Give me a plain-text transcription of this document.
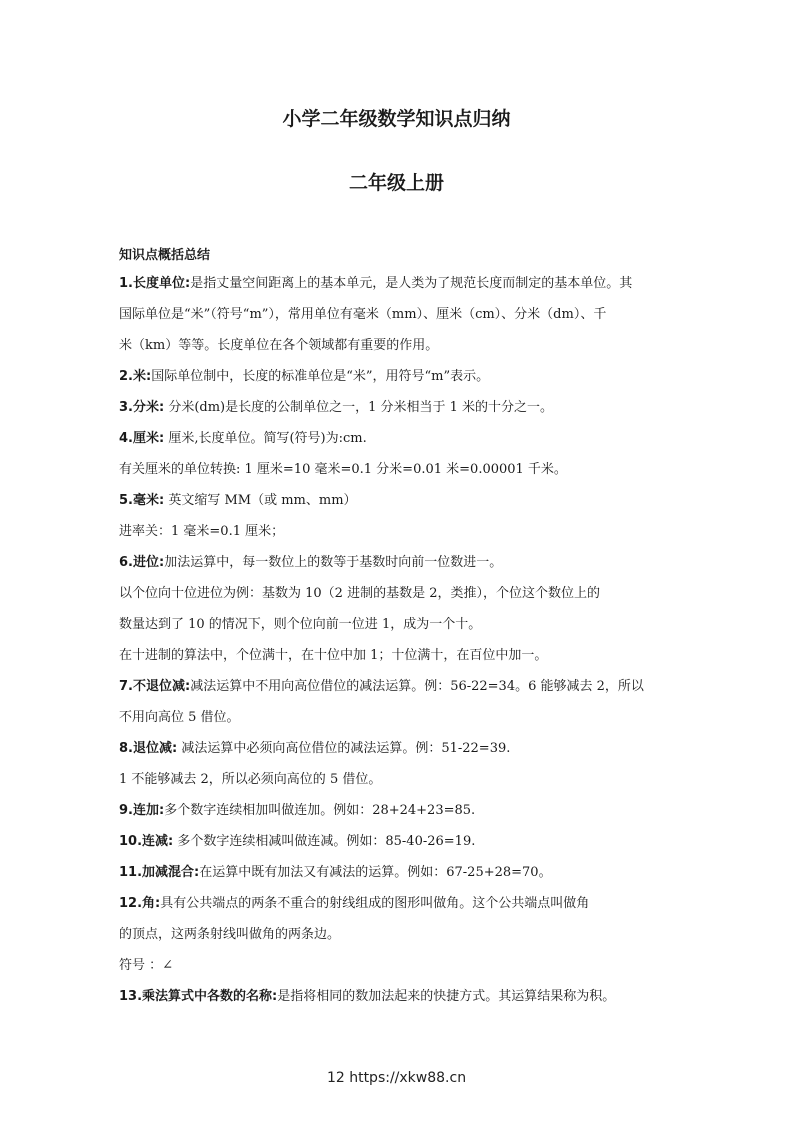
小学二年级数学知识点归纳
二年级上册
知识点概括总结
1.长度单位:是指丈量空间距离上的基本单元，是人类为了规范长度而制定的基本单位。其
国际单位是“米”（符号“m”），常用单位有毫米（mm）、厘米（cm）、分米（dm）、千
米（km）等等。长度单位在各个领域都有重要的作用。
2.米:国际单位制中，长度的标准单位是“米”，用符号“m”表示。
3.分米: 分米(dm)是长度的公制单位之一，1 分米相当于 1 米的十分之一。
4.厘米: 厘米,长度单位。简写(符号)为:cm.
有关厘米的单位转换: 1 厘米=10 毫米=0.1 分米=0.01 米=0.00001 千米。
5.毫米: 英文缩写 MM（或 mm、mm）
进率关：1 毫米=0.1 厘米；
6.进位:加法运算中，每一数位上的数等于基数时向前一位数进一。
以个位向十位进位为例：基数为 10（2 进制的基数是 2，类推），个位这个数位上的
数量达到了 10 的情况下，则个位向前一位进 1，成为一个十。
在十进制的算法中，个位满十，在十位中加 1；十位满十，在百位中加一。
7.不退位减:减法运算中不用向高位借位的减法运算。例：56-22=34。6 能够减去 2，所以
不用向高位 5 借位。
8.退位减: 减法运算中必须向高位借位的减法运算。例：51-22=39.
1 不能够减去 2，所以必须向高位的 5 借位。
9.连加:多个数字连续相加叫做连加。例如：28+24+23=85.
10.连减: 多个数字连续相减叫做连减。例如：85-40-26=19.
11.加减混合:在运算中既有加法又有减法的运算。例如：67-25+28=70。
12.角:具有公共端点的两条不重合的射线组成的图形叫做角。这个公共端点叫做角
的顶点，这两条射线叫做角的两条边。
符号 ：∠
13.乘法算式中各数的名称:是指将相同的数加法起来的快捷方式。其运算结果称为积。
12 https://xkw88.cn
